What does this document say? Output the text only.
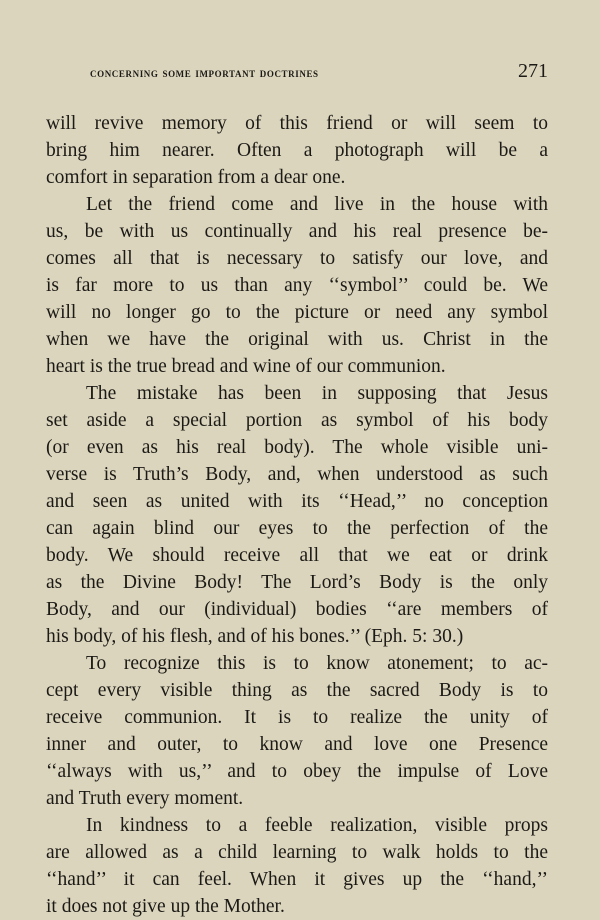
concerning some important doctrines	271
will revive memory of this friend or will seem to
bring him nearer. Often a photograph will be a
comfort in separation from a dear one.
Let the friend come and live in the house with
us, be with us continually and his real presence be-
comes all that is necessary to satisfy our love, and
is far more to us than any ‘‘symbol’’ could be. We
will no longer go to the picture or need any symbol
when we have the original with us. Christ in the
heart is the true bread and wine of our communion.
The mistake has been in supposing that Jesus
set aside a special portion as symbol of his body
(or even as his real body). The whole visible uni-
verse is Truth’s Body, and, when understood as such
and seen as united with its ‘‘Head,’’ no conception
can again blind our eyes to the perfection of the
body. We should receive all that we eat or drink
as the Divine Body! The Lord’s Body is the only
Body, and our (individual) bodies ‘‘are members of
his body, of his flesh, and of his bones.’’ (Eph. 5: 30.)
To recognize this is to know atonement; to ac-
cept every visible thing as the sacred Body is to
receive communion. It is to realize the unity of
inner and outer, to know and love one Presence
‘‘always with us,’’ and to obey the impulse of Love
and Truth every moment.
In kindness to a feeble realization, visible props
are allowed as a child learning to walk holds to the
‘‘hand’’ it can feel. When it gives up the ‘‘hand,’’
it does not give up the Mother.
